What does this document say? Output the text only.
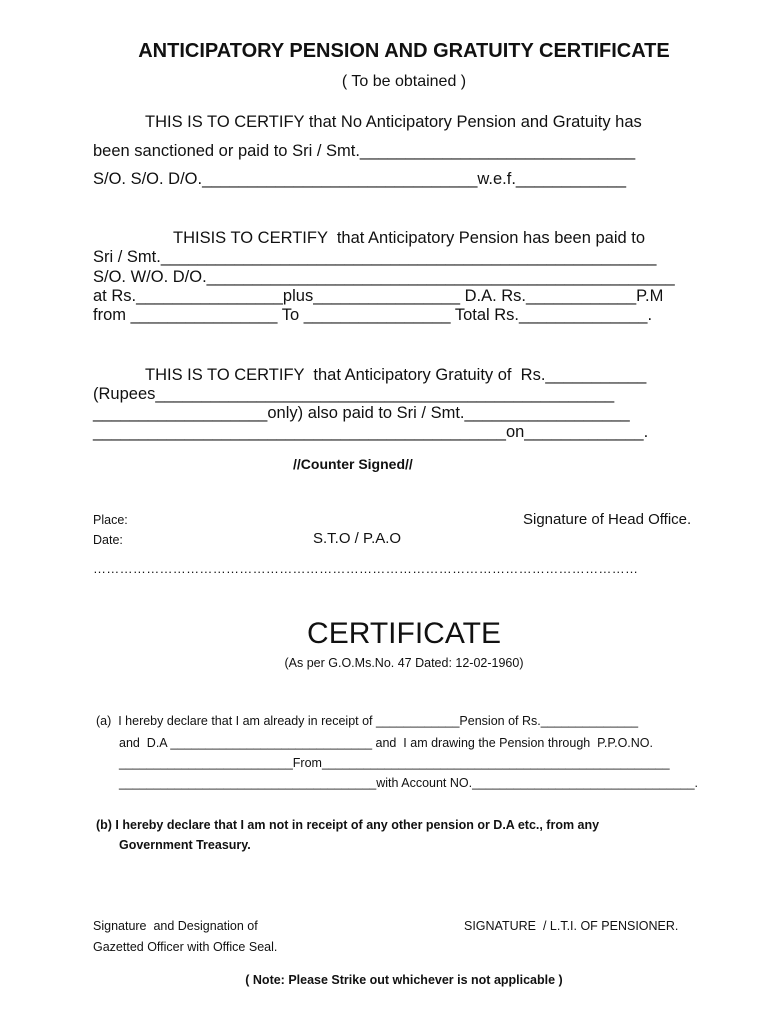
ANTICIPATORY PENSION AND GRATUITY CERTIFICATE
( To be obtained )
THIS IS TO CERTIFY that No Anticipatory Pension and Gratuity has
been sanctioned or paid to Sri / Smt.______________________________
S/O. S/O. D/O.______________________________w.e.f.____________
THISIS TO CERTIFY  that Anticipatory Pension has been paid to
Sri / Smt.______________________________________________________
S/O. W/O. D/O.___________________________________________________
at Rs.________________plus________________ D.A. Rs.____________P.M
from ________________ To ________________ Total Rs.______________.
THIS IS TO CERTIFY  that Anticipatory Gratuity of  Rs.___________
(Rupees__________________________________________________
___________________only) also paid to Sri / Smt.__________________
_____________________________________________on_____________.
//Counter Signed//
Place:	Signature of Head Office.
Date:	S.T.O / P.A.O
……………………………………………………………………………………………………………
CERTIFICATE
(As per G.O.Ms.No. 47 Dated: 12-02-1960)
(a)  I hereby declare that I am already in receipt of ____________Pension of Rs.______________
and  D.A _____________________________ and  I am drawing the Pension through  P.P.O.NO.
_________________________From__________________________________________________
_____________________________________with Account NO.________________________________.
(b) I hereby declare that I am not in receipt of any other pension or D.A etc., from any
Government Treasury.
Signature  and Designation of
Gazetted Officer with Office Seal.
SIGNATURE  / L.T.I. OF PENSIONER.
( Note: Please Strike out whichever is not applicable )
